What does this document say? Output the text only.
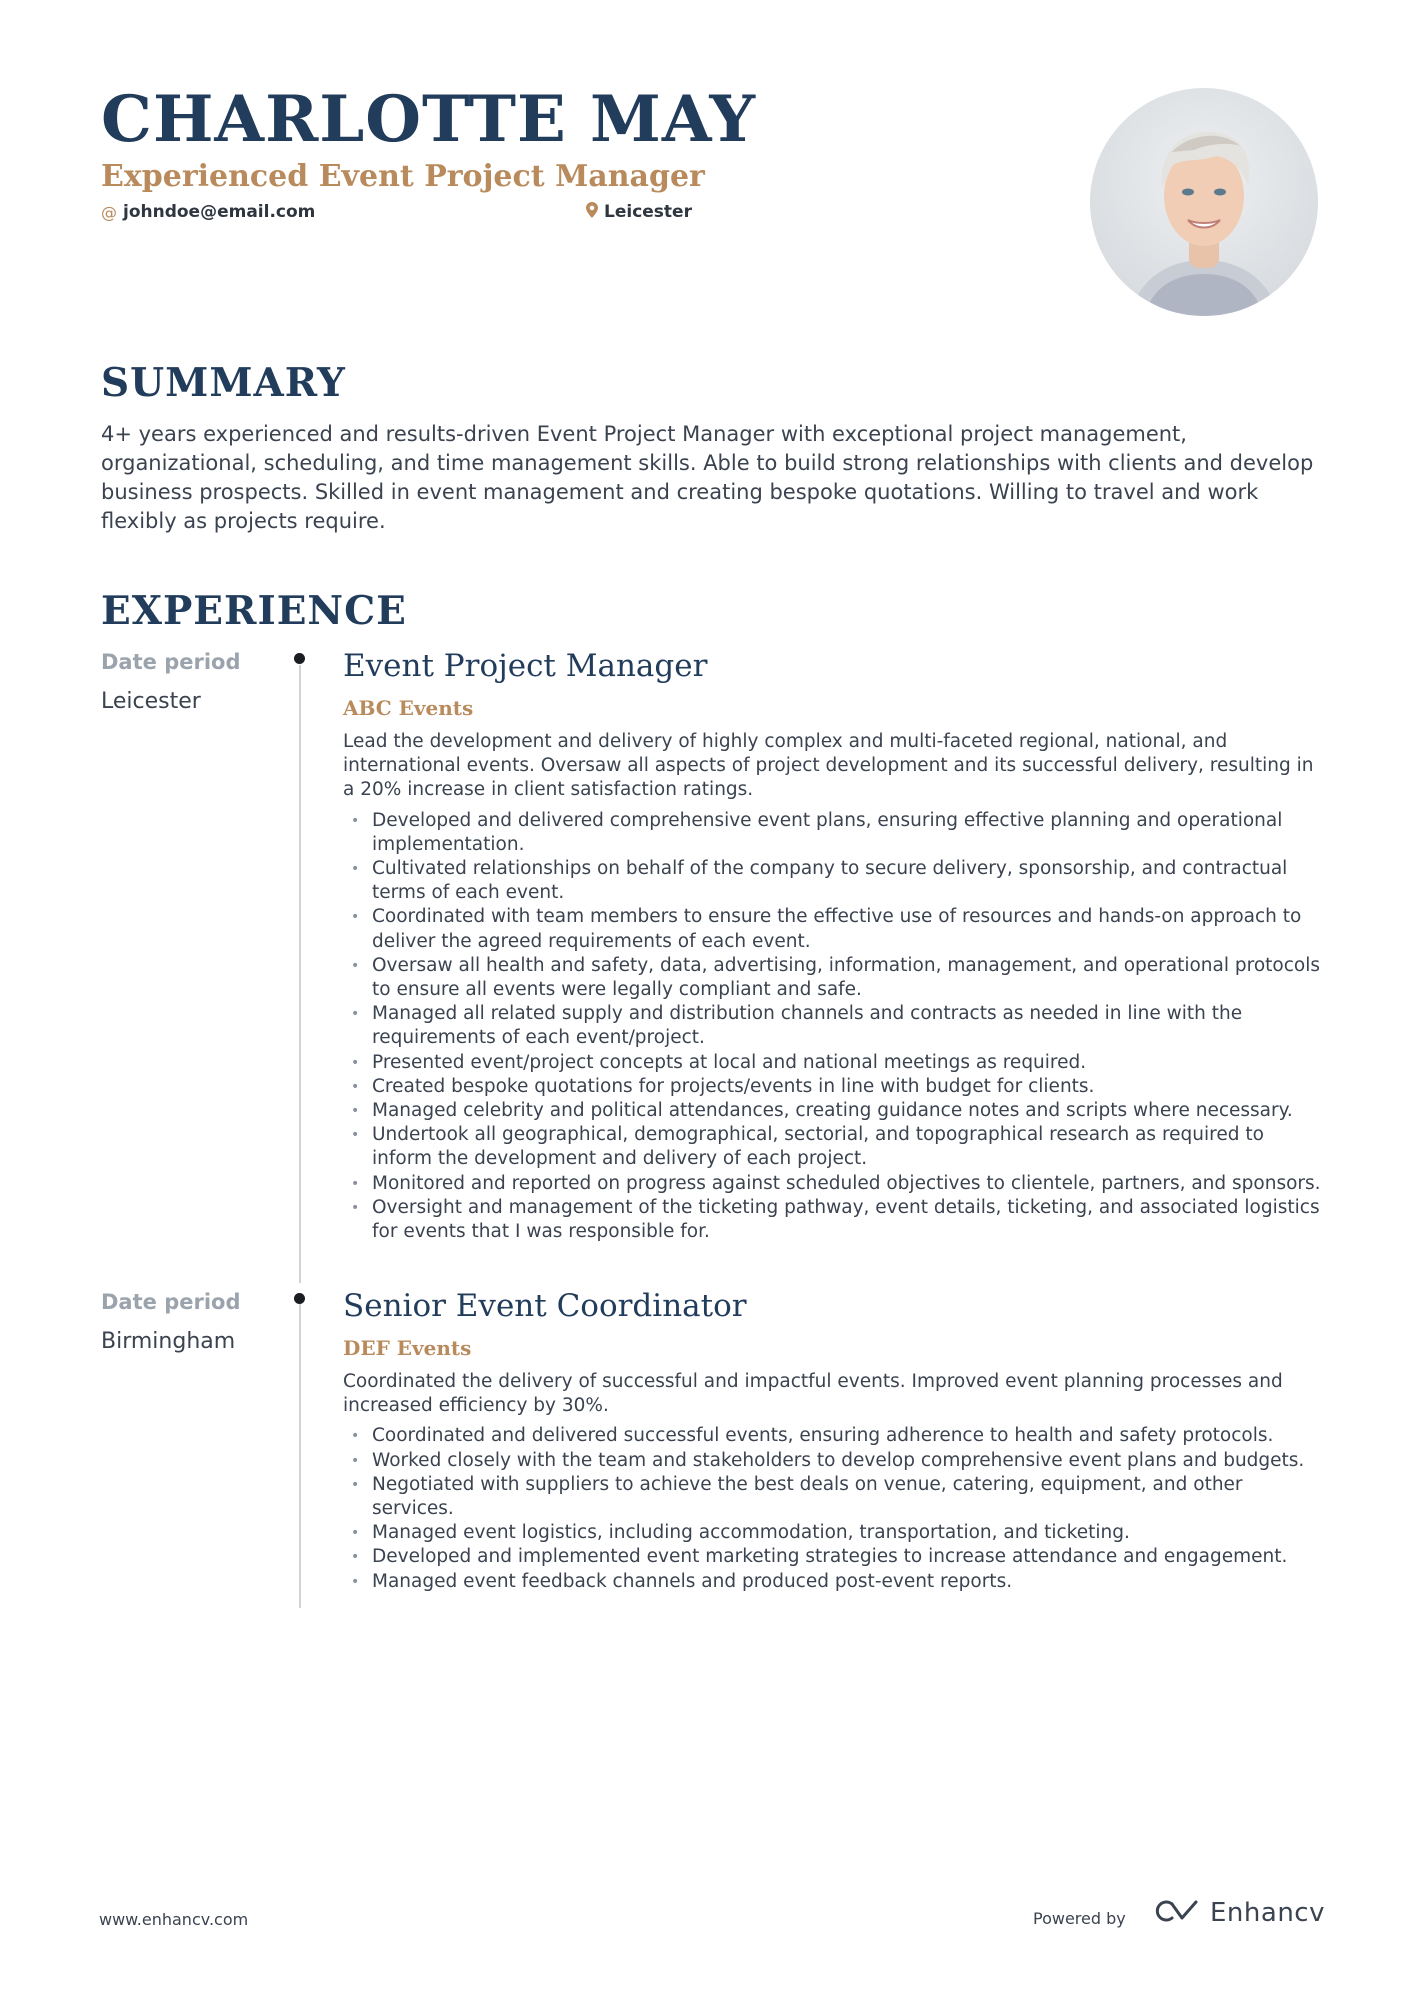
CHARLOTTE MAY
Experienced Event Project Manager
@ johndoe@email.com	Leicester
SUMMARY

4+ years experienced and results-driven Event Project Manager with exceptional project management, organizational, scheduling, and time management skills. Able to build strong relationships with clients and develop business prospects. Skilled in event management and creating bespoke quotations. Willing to travel and work flexibly as projects require.

EXPERIENCE
Date period
Leicester
Event Project Manager
ABC Events

Lead the development and delivery of highly complex and multi-faceted regional, national, and international events. Oversaw all aspects of project development and its successful delivery, resulting in a 20% increase in client satisfaction ratings.

• Developed and delivered comprehensive event plans, ensuring effective planning and operational implementation.
• Cultivated relationships on behalf of the company to secure delivery, sponsorship, and contractual terms of each event.
• Coordinated with team members to ensure the effective use of resources and hands-on approach to deliver the agreed requirements of each event.
• Oversaw all health and safety, data, advertising, information, management, and operational protocols to ensure all events were legally compliant and safe.
• Managed all related supply and distribution channels and contracts as needed in line with the requirements of each event/project.
• Presented event/project concepts at local and national meetings as required.
• Created bespoke quotations for projects/events in line with budget for clients.
• Managed celebrity and political attendances, creating guidance notes and scripts where necessary.
• Undertook all geographical, demographical, sectorial, and topographical research as required to inform the development and delivery of each project.
• Monitored and reported on progress against scheduled objectives to clientele, partners, and sponsors.
• Oversight and management of the ticketing pathway, event details, ticketing, and associated logistics for events that I was responsible for.
Date period
Birmingham
Senior Event Coordinator
DEF Events

Coordinated the delivery of successful and impactful events. Improved event planning processes and increased efficiency by 30%.

• Coordinated and delivered successful events, ensuring adherence to health and safety protocols.
• Worked closely with the team and stakeholders to develop comprehensive event plans and budgets.
• Negotiated with suppliers to achieve the best deals on venue, catering, equipment, and other services.
• Managed event logistics, including accommodation, transportation, and ticketing.
• Developed and implemented event marketing strategies to increase attendance and engagement.
• Managed event feedback channels and produced post-event reports.
www.enhancv.com	Powered by	Enhancv
